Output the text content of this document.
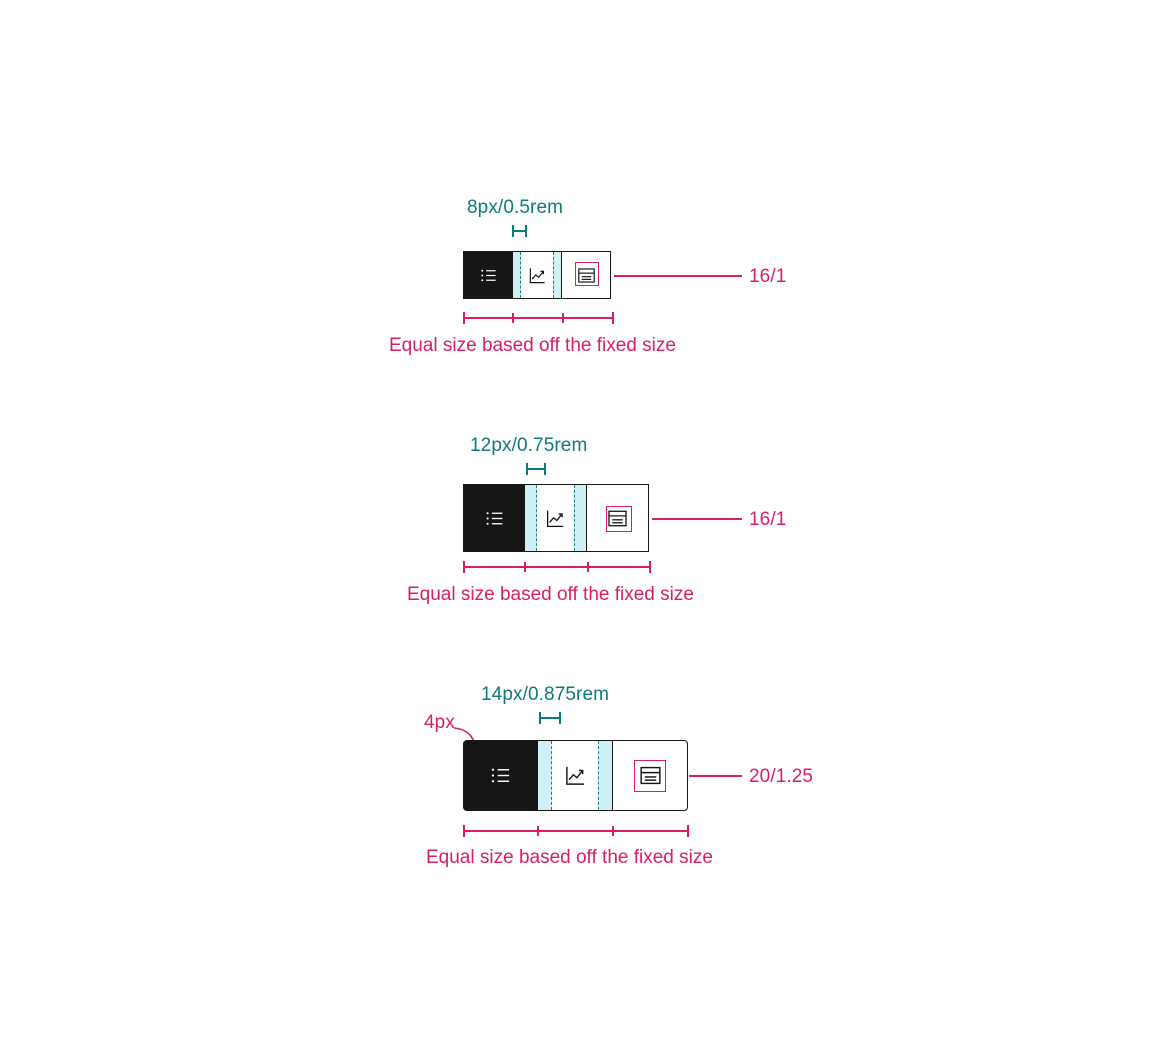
8px/0.5rem
16/1
Equal size based off the fixed size
12px/0.75rem
16/1
Equal size based off the fixed size
14px/0.875rem
4px
20/1.25
Equal size based off the fixed size
